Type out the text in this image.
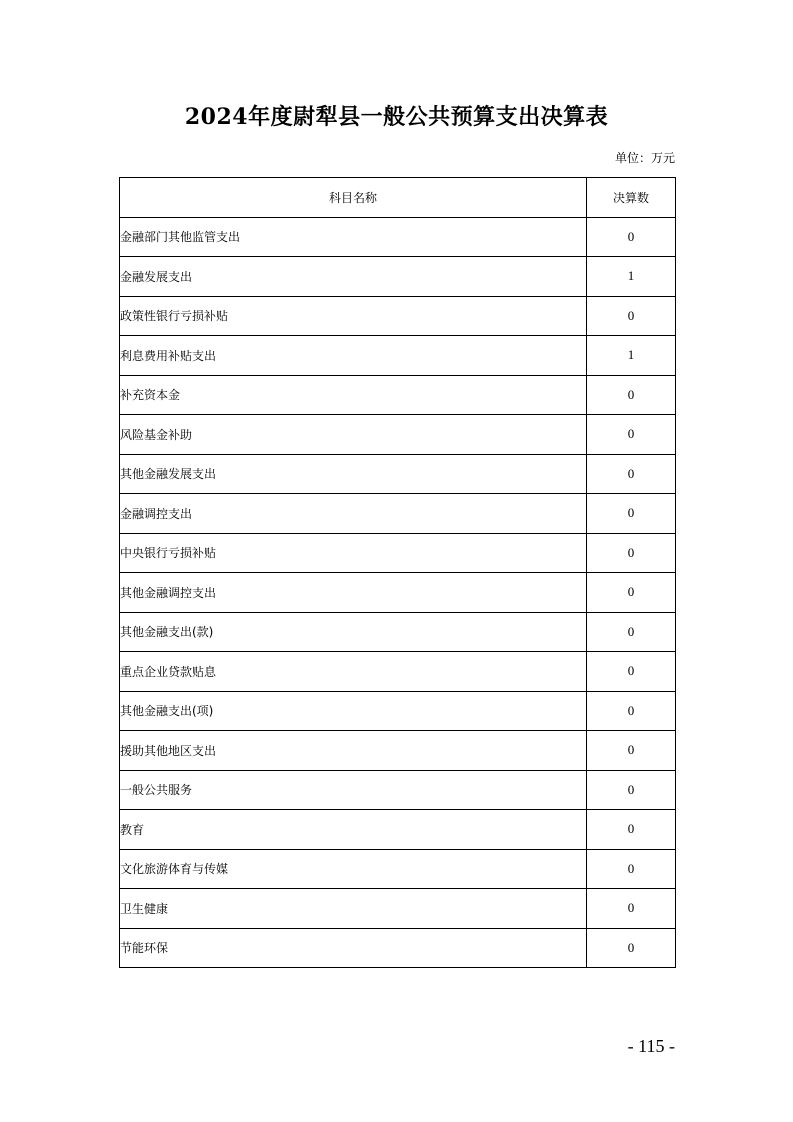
2024年度尉犁县一般公共预算支出决算表
单位：万元
科目名称	决算数
金融部门其他监管支出	0
金融发展支出	1
政策性银行亏损补贴	0
利息费用补贴支出	1
补充资本金	0
风险基金补助	0
其他金融发展支出	0
金融调控支出	0
中央银行亏损补贴	0
其他金融调控支出	0
其他金融支出(款)	0
重点企业贷款贴息	0
其他金融支出(项)	0
援助其他地区支出	0
一般公共服务	0
教育	0
文化旅游体育与传媒	0
卫生健康	0
节能环保	0
- 115 -
